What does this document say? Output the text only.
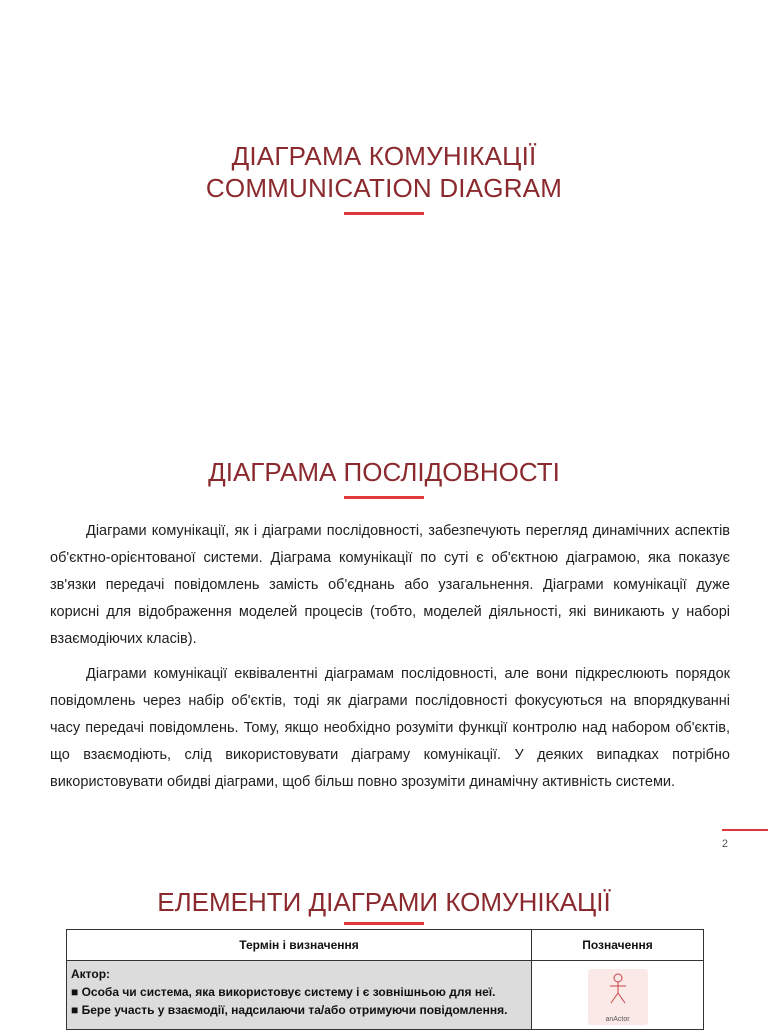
ДІАГРАМА КОМУНІКАЦІЇ
COMMUNICATION DIAGRAM
ДІАГРАМА ПОСЛІДОВНОСТІ

Діаграми комунікації, як і діаграми послідовності, забезпечують перегляд динамічних аспектів об'єктно-орієнтованої системи. Діаграма комунікації по суті є об'єктною діаграмою, яка показує зв'язки передачі повідомлень замість об'єднань або узагальнення. Діаграми комунікації дуже корисні для відображення моделей процесів (тобто, моделей діяльності, які виникають у наборі взаємодіючих класів).

Діаграми комунікації еквівалентні діаграмам послідовності, але вони підкреслюють порядок повідомлень через набір об'єктів, тоді як діаграми послідовності фокусуються на впорядкуванні часу передачі повідомлень. Тому, якщо необхідно розуміти функції контролю над набором об'єктів, що взаємодіють, слід використовувати діаграму комунікації. У деяких випадках потрібно використовувати обидві діаграми, щоб більш повно зрозуміти динамічну активність системи.

2
ЕЛЕМЕНТИ ДІАГРАМИ КОМУНІКАЦІЇ
Термін і визначення	Позначення

Актор:
■ Особа чи система, яка використовує систему і є зовнішньою для неї.
■ Бере участь у взаємодії, надсилаючи та/або отримуючи повідомлення.	anActor
